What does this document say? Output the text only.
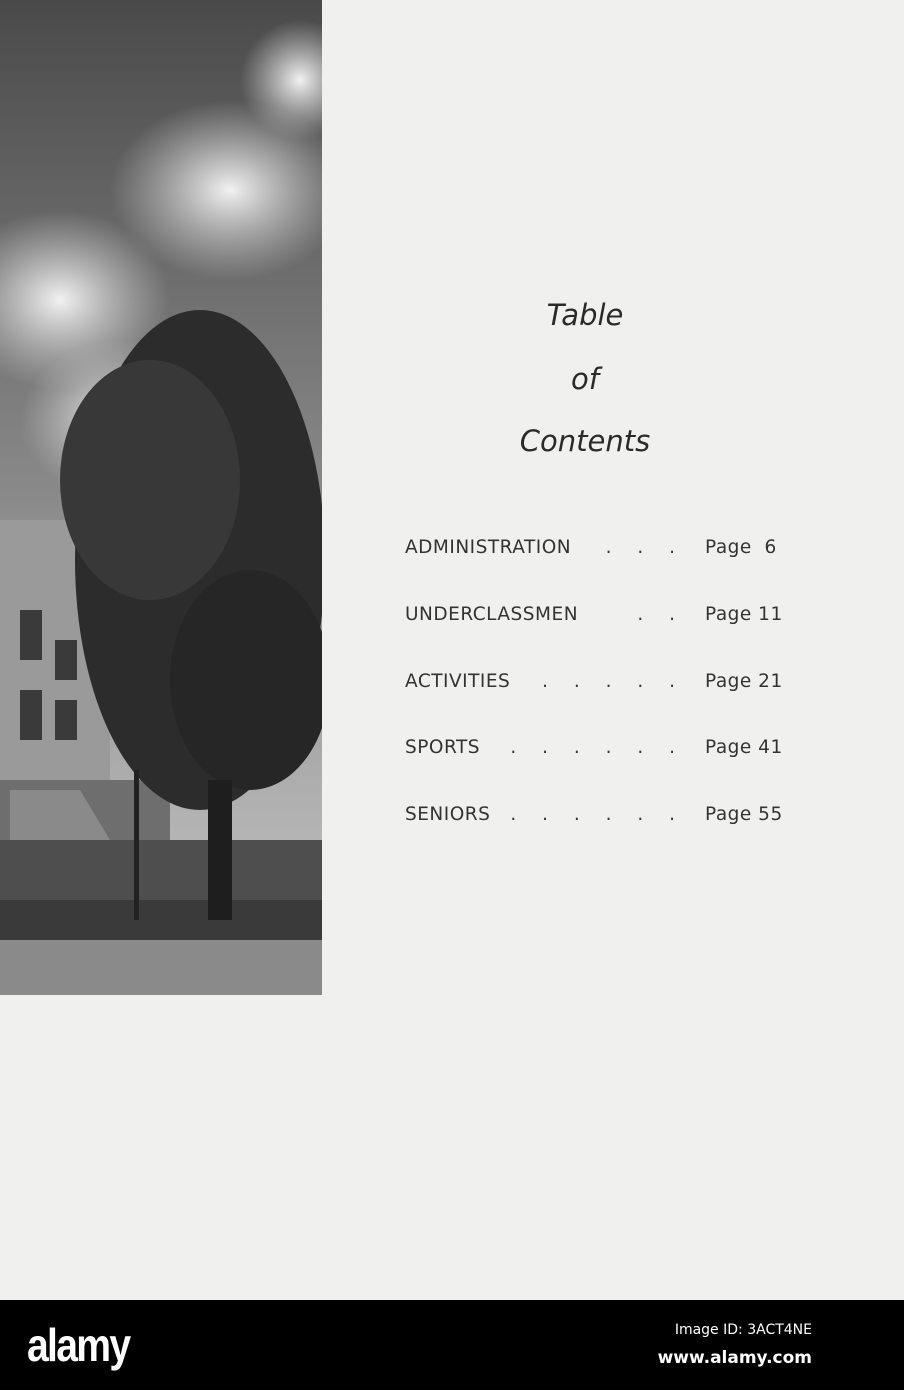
Table
of
Contents
ADMINISTRATION . . . Page  6
UNDERCLASSMEN	. . Page 11
ACTIVITIES . . . . . Page 21
SPORTS . . . . . . Page 41
SENIORS . . . . . . Page 55
alamy	Image ID: 3ACT4NE
www.alamy.com
